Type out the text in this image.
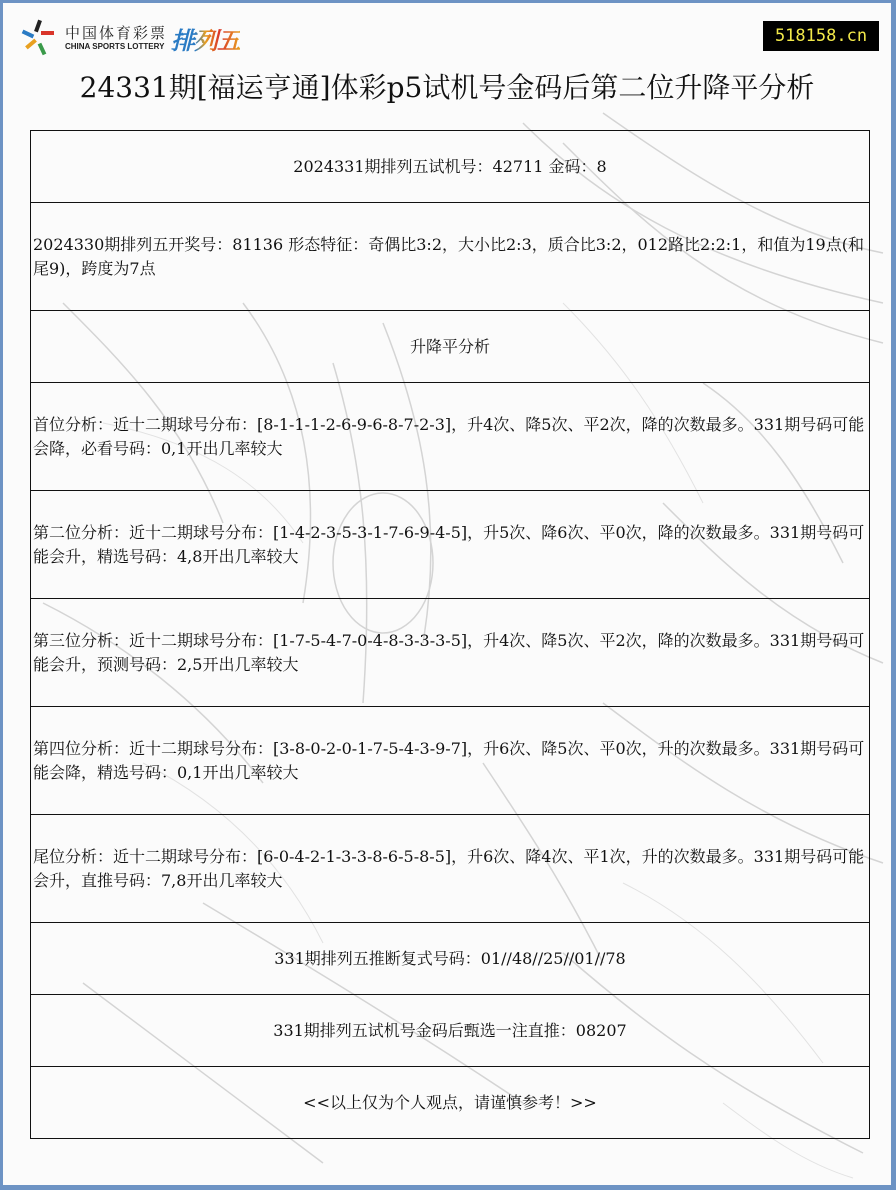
中国体育彩票
CHINA SPORTS LOTTERY 排列五	518158.cn
24331期[福运亨通]体彩p5试机号金码后第二位升降平分析
2024331期排列五试机号：42711 金码：8
2024330期排列五开奖号：81136 形态特征：奇偶比3:2，大小比2:3，质合比3:2，012路比2:2:1，和值为19点(和尾9)，跨度为7点
升降平分析
首位分析：近十二期球号分布：[8-1-1-1-2-6-9-6-8-7-2-3]，升4次、降5次、平2次，降的次数最多。331期号码可能会降，必看号码：0,1开出几率较大
第二位分析：近十二期球号分布：[1-4-2-3-5-3-1-7-6-9-4-5]，升5次、降6次、平0次，降的次数最多。331期号码可能会升，精选号码：4,8开出几率较大
第三位分析：近十二期球号分布：[1-7-5-4-7-0-4-8-3-3-3-5]，升4次、降5次、平2次，降的次数最多。331期号码可能会升，预测号码：2,5开出几率较大
第四位分析：近十二期球号分布：[3-8-0-2-0-1-7-5-4-3-9-7]，升6次、降5次、平0次，升的次数最多。331期号码可能会降，精选号码：0,1开出几率较大
尾位分析：近十二期球号分布：[6-0-4-2-1-3-3-8-6-5-8-5]，升6次、降4次、平1次，升的次数最多。331期号码可能会升，直推号码：7,8开出几率较大
331期排列五推断复式号码：01//48//25//01//78
331期排列五试机号金码后甄选一注直推：08207
<<以上仅为个人观点，请谨慎参考！>>
